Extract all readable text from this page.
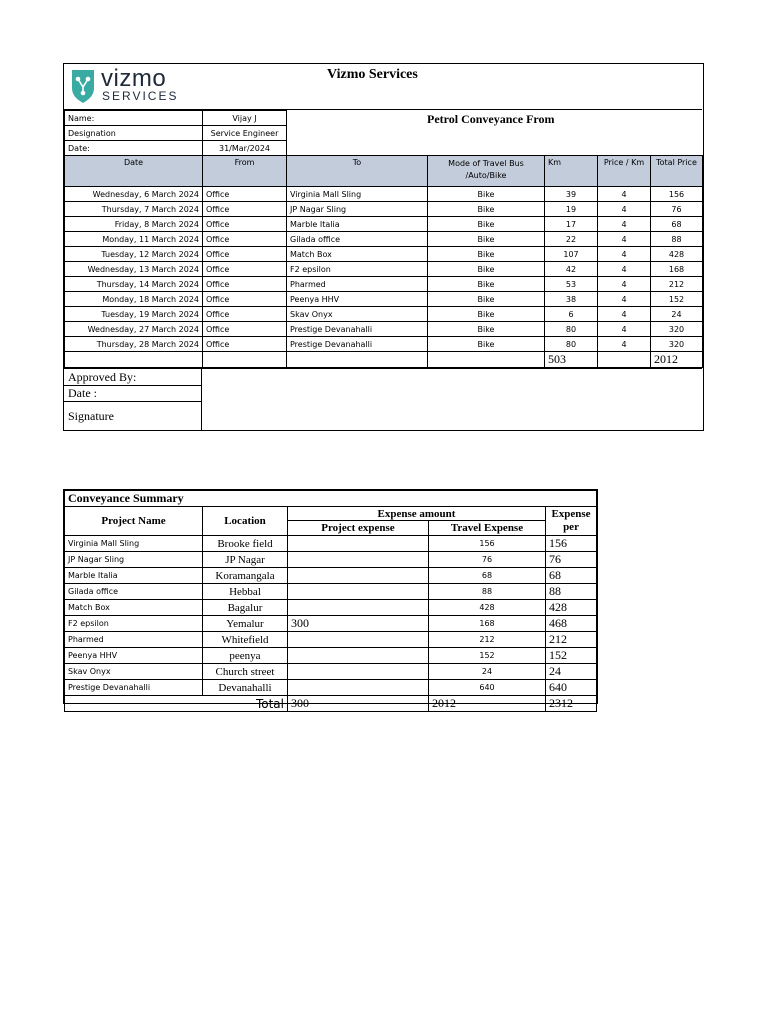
vizmo
SERVICES
Vizmo Services
Name:	Vijay J
Designation	Service Engineer
Date:	31/Mar/2024
Petrol Conveyance From
Date	From	To	Mode of Travel Bus /Auto/Bike	Km	Price / Km	Total Price
Wednesday, 6 March 2024	Office	Virginia Mall Sling	Bike	39	4	156
Thursday, 7 March 2024	Office	JP Nagar Sling	Bike	19	4	76
Friday, 8 March 2024	Office	Marble Italia	Bike	17	4	68
Monday, 11 March 2024	Office	Gilada office	Bike	22	4	88
Tuesday, 12 March 2024	Office	Match Box	Bike	107	4	428
Wednesday, 13 March 2024	Office	F2 epsilon	Bike	42	4	168
Thursday, 14 March 2024	Office	Pharmed	Bike	53	4	212
Monday, 18 March 2024	Office	Peenya HHV	Bike	38	4	152
Tuesday, 19 March 2024	Office	Skav Onyx	Bike	6	4	24
Wednesday, 27 March 2024	Office	Prestige Devanahalli	Bike	80	4	320
Thursday, 28 March 2024	Office	Prestige Devanahalli	Bike	80	4	320
				503		2012
Approved By:
Date :
Signature
Conveyance Summary				
Project Name	Location	Expense amount		Expense per
		Project expense	Travel Expense	
Virginia Mall Sling	Brooke field		156	156
JP Nagar Sling	JP Nagar		76	76
Marble Italia	Koramangala		68	68
Gilada office	Hebbal		88	88
Match Box	Bagalur		428	428
F2 epsilon	Yemalur	300	168	468
Pharmed	Whitefield		212	212
Peenya HHV	peenya		152	152
Skav Onyx	Church street		24	24
Prestige Devanahalli	Devanahalli		640	640
Total		300	2012	2312
